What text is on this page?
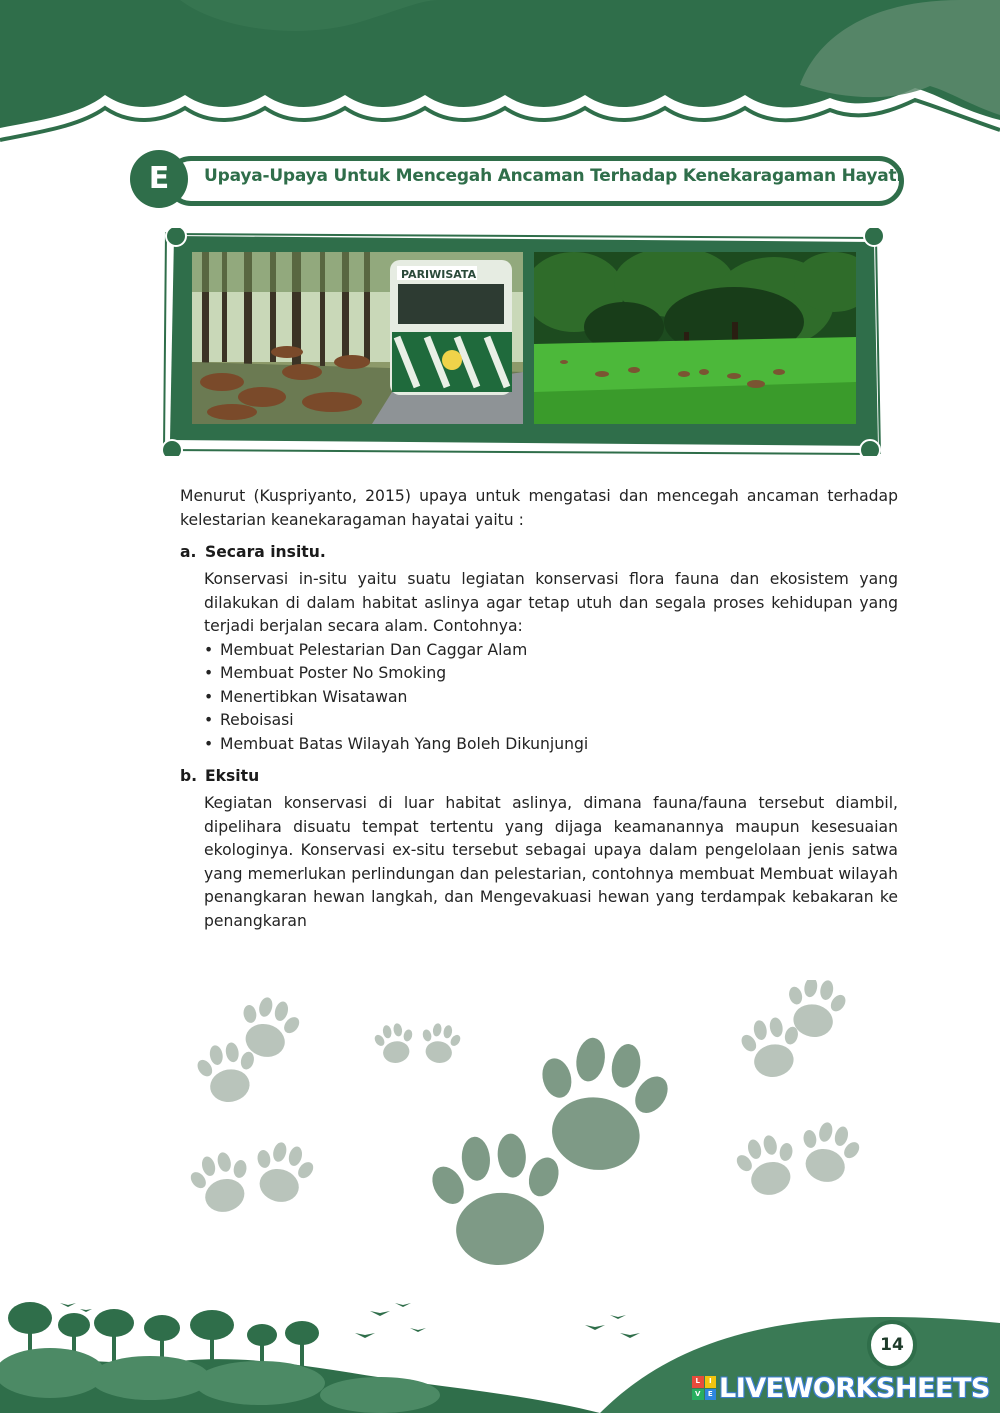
E	Upaya-Upaya Untuk Mencegah Ancaman Terhadap Kenekaragaman Hayati
PARIWISATA

Menurut (Kuspriyanto, 2015) upaya untuk mengatasi dan mencegah ancaman terhadap kelestarian keanekaragaman hayatai yaitu :

a. Secara insitu.

Konservasi in-situ yaitu suatu legiatan konservasi flora fauna dan ekosistem yang dilakukan di dalam habitat aslinya agar tetap utuh dan segala proses kehidupan yang terjadi berjalan secara alam. Contohnya:

• Membuat Pelestarian Dan Caggar Alam
• Membuat Poster No Smoking
• Menertibkan Wisatawan
• Reboisasi
• Membuat Batas Wilayah Yang Boleh Dikunjungi
b. Eksitu

Kegiatan konservasi di luar habitat aslinya, dimana fauna/fauna tersebut diambil, dipelihara disuatu tempat tertentu yang dijaga keamanannya maupun kesesuaian ekologinya. Konservasi ex-situ tersebut sebagai upaya dalam pengelolaan jenis satwa yang memerlukan perlindungan dan pelestarian, contohnya membuat Membuat wilayah penangkaran hewan langkah, dan Mengevakuasi hewan yang terdampak kebakaran ke penangkaran

14
L	I
V	E LIVEWORKSHEETS
